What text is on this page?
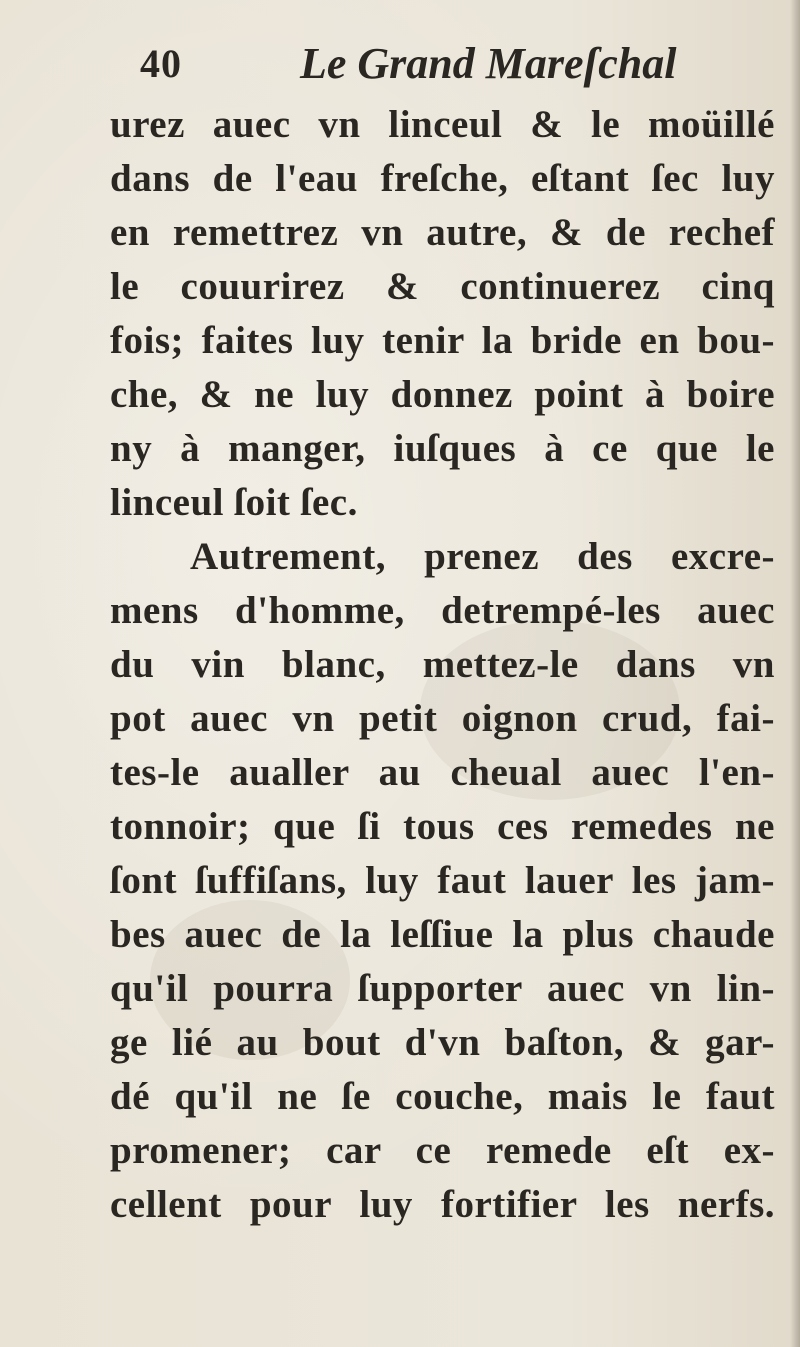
40	Le Grand Mareſchal
urez auec vn linceul & le moüillé
dans de l'eau freſche, eſtant ſec luy
en remettrez vn autre, & de rechef
le couurirez & continuerez cinq
fois; faites luy tenir la bride en bou-
che, & ne luy donnez point à boire
ny à manger, iuſques à ce que le
linceul ſoit ſec.
Autrement, prenez des excre-
mens d'homme, detrempé-les auec
du vin blanc, mettez-le dans vn
pot auec vn petit oignon crud, fai-
tes-le aualler au cheual auec l'en-
tonnoir; que ſi tous ces remedes ne
ſont ſuffiſans, luy faut lauer les jam-
bes auec de la leſſiue la plus chaude
qu'il pourra ſupporter auec vn lin-
ge lié au bout d'vn baſton, & gar-
dé qu'il ne ſe couche, mais le faut
promener; car ce remede eſt ex-
cellent pour luy fortifier les nerfs.
